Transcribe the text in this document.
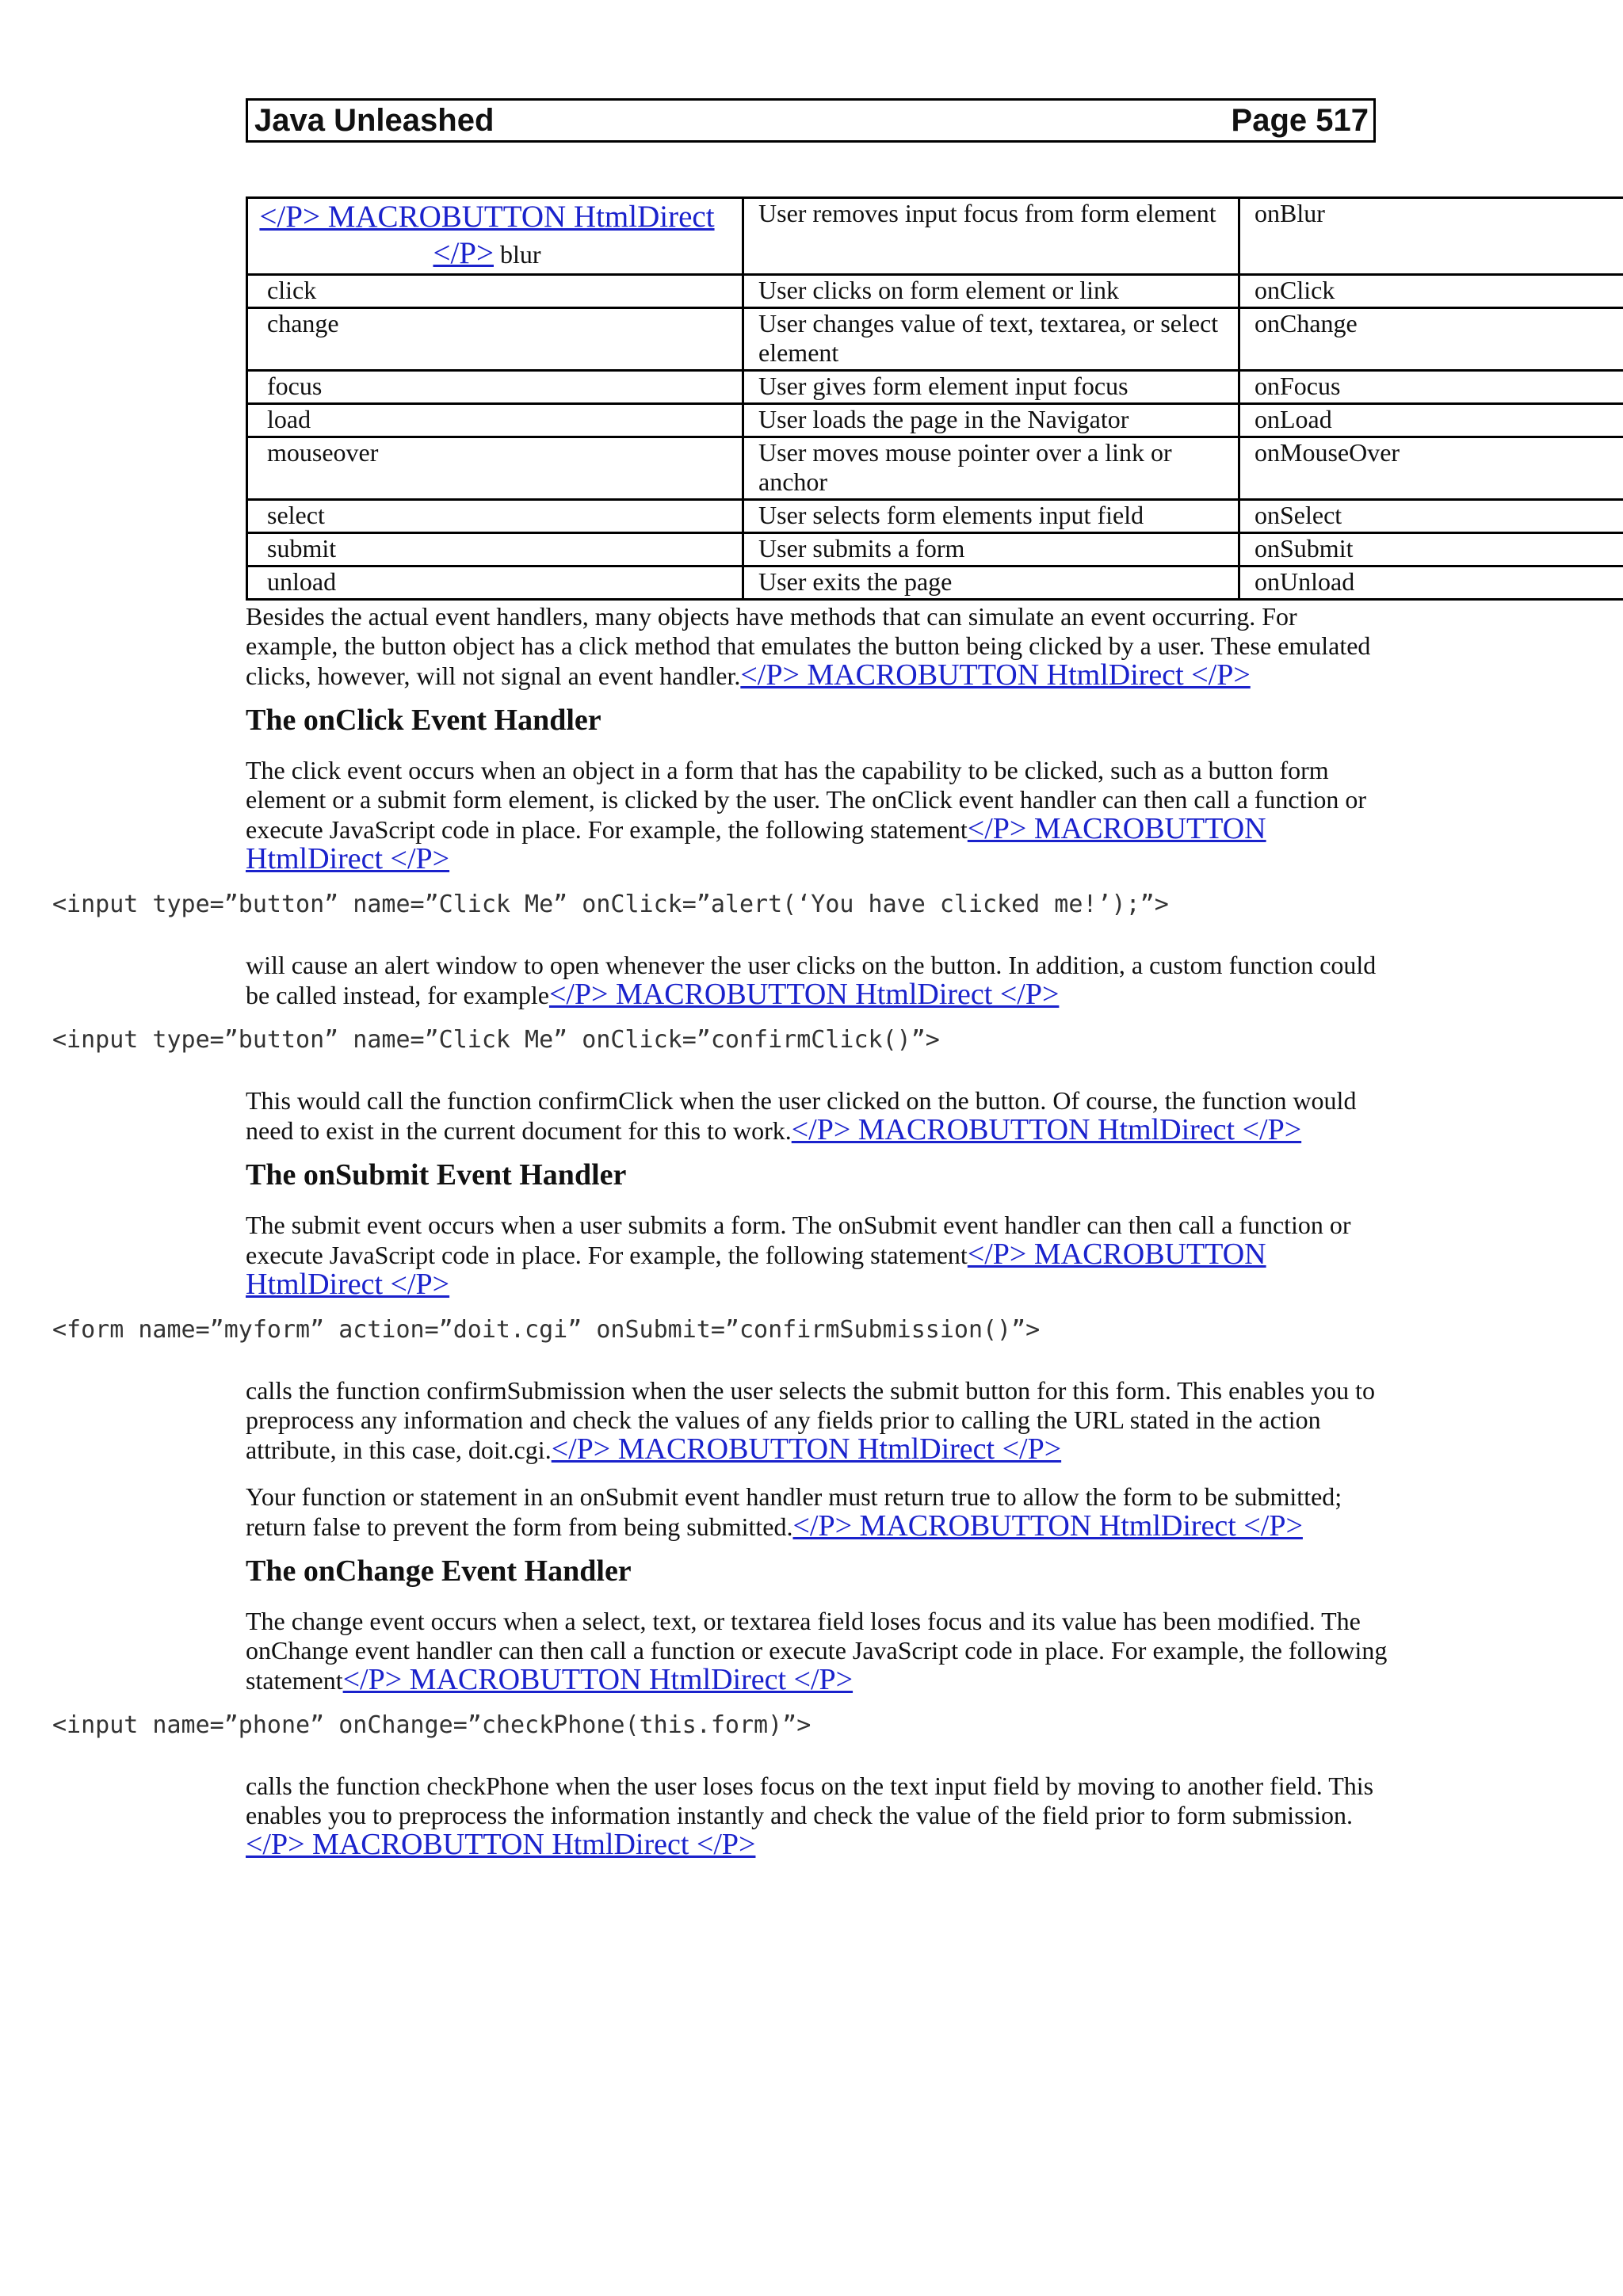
Java Unleashed	Page 517
</P> MACROBUTTON HtmlDirect </P> blur	User removes input focus from form element	onBlur
click	User clicks on form element or link	onClick
change	User changes value of text, textarea, or select element	onChange
focus	User gives form element input focus	onFocus
load	User loads the page in the Navigator	onLoad
mouseover	User moves mouse pointer over a link or anchor	onMouseOver
select	User selects form elements input field	onSelect
submit	User submits a form	onSubmit
unload	User exits the page	onUnload

Besides the actual event handlers, many objects have methods that can simulate an event occurring. For example, the button object has a click method that emulates the button being clicked by a user. These emulated clicks, however, will not signal an event handler.</P> MACROBUTTON HtmlDirect </P>

The onClick Event Handler

The click event occurs when an object in a form that has the capability to be clicked, such as a button form element or a submit form element, is clicked by the user. The onClick event handler can then call a function or execute JavaScript code in place. For example, the following statement</P> MACROBUTTON HtmlDirect </P>

<input type=”button” name=”Click Me” onClick=”alert(‘You have clicked me!’);”>

will cause an alert window to open whenever the user clicks on the button. In addition, a custom function could be called instead, for example</P> MACROBUTTON HtmlDirect </P>

<input type=”button” name=”Click Me” onClick=”confirmClick()”>

This would call the function confirmClick when the user clicked on the button. Of course, the function would need to exist in the current document for this to work.</P> MACROBUTTON HtmlDirect </P>

The onSubmit Event Handler

The submit event occurs when a user submits a form. The onSubmit event handler can then call a function or execute JavaScript code in place. For example, the following statement</P> MACROBUTTON HtmlDirect </P>

<form name=”myform” action=”doit.cgi” onSubmit=”confirmSubmission()”>

calls the function confirmSubmission when the user selects the submit button for this form. This enables you to preprocess any information and check the values of any fields prior to calling the URL stated in the action attribute, in this case, doit.cgi.</P> MACROBUTTON HtmlDirect </P>

Your function or statement in an onSubmit event handler must return true to allow the form to be submitted; return false to prevent the form from being submitted.</P> MACROBUTTON HtmlDirect </P>

The onChange Event Handler

The change event occurs when a select, text, or textarea field loses focus and its value has been modified. The onChange event handler can then call a function or execute JavaScript code in place. For example, the following statement</P> MACROBUTTON HtmlDirect </P>

<input name=”phone” onChange=”checkPhone(this.form)”>

calls the function checkPhone when the user loses focus on the text input field by moving to another field. This enables you to preprocess the information instantly and check the value of the field prior to form submission.</P> MACROBUTTON HtmlDirect </P>
